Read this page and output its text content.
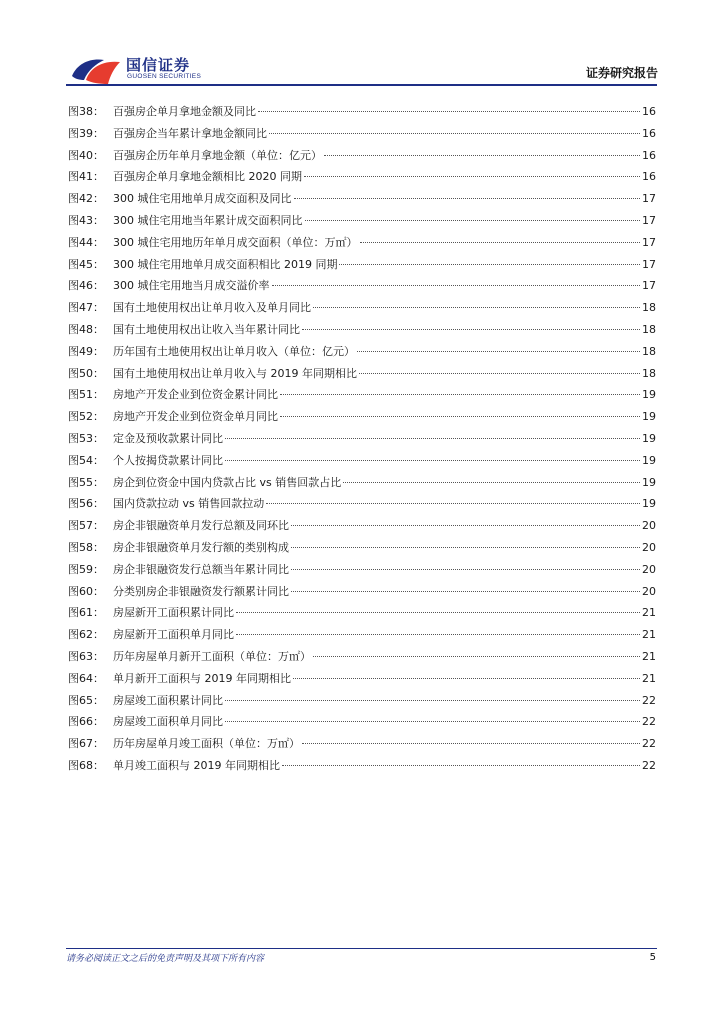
国信证券
GUOSEN SECURITIES	证券研究报告
图38： 百强房企单月拿地金额及同比	16
图39： 百强房企当年累计拿地金额同比	16
图40： 百强房企历年单月拿地金额（单位：亿元）	16
图41： 百强房企单月拿地金额相比 2020 同期	16
图42： 300 城住宅用地单月成交面积及同比	17
图43： 300 城住宅用地当年累计成交面积同比	17
图44： 300 城住宅用地历年单月成交面积（单位：万㎡）	17
图45： 300 城住宅用地单月成交面积相比 2019 同期	17
图46： 300 城住宅用地当月成交溢价率	17
图47： 国有土地使用权出让单月收入及单月同比	18
图48： 国有土地使用权出让收入当年累计同比	18
图49： 历年国有土地使用权出让单月收入（单位：亿元）	18
图50： 国有土地使用权出让单月收入与 2019 年同期相比	18
图51： 房地产开发企业到位资金累计同比	19
图52： 房地产开发企业到位资金单月同比	19
图53： 定金及预收款累计同比	19
图54： 个人按揭贷款累计同比	19
图55： 房企到位资金中国内贷款占比 vs 销售回款占比	19
图56： 国内贷款拉动 vs 销售回款拉动	19
图57： 房企非银融资单月发行总额及同环比	20
图58： 房企非银融资单月发行额的类别构成	20
图59： 房企非银融资发行总额当年累计同比	20
图60： 分类别房企非银融资发行额累计同比	20
图61： 房屋新开工面积累计同比	21
图62： 房屋新开工面积单月同比	21
图63： 历年房屋单月新开工面积（单位：万㎡）	21
图64： 单月新开工面积与 2019 年同期相比	21
图65： 房屋竣工面积累计同比	22
图66： 房屋竣工面积单月同比	22
图67： 历年房屋单月竣工面积（单位：万㎡）	22
图68： 单月竣工面积与 2019 年同期相比	22
请务必阅读正文之后的免责声明及其项下所有内容	5
